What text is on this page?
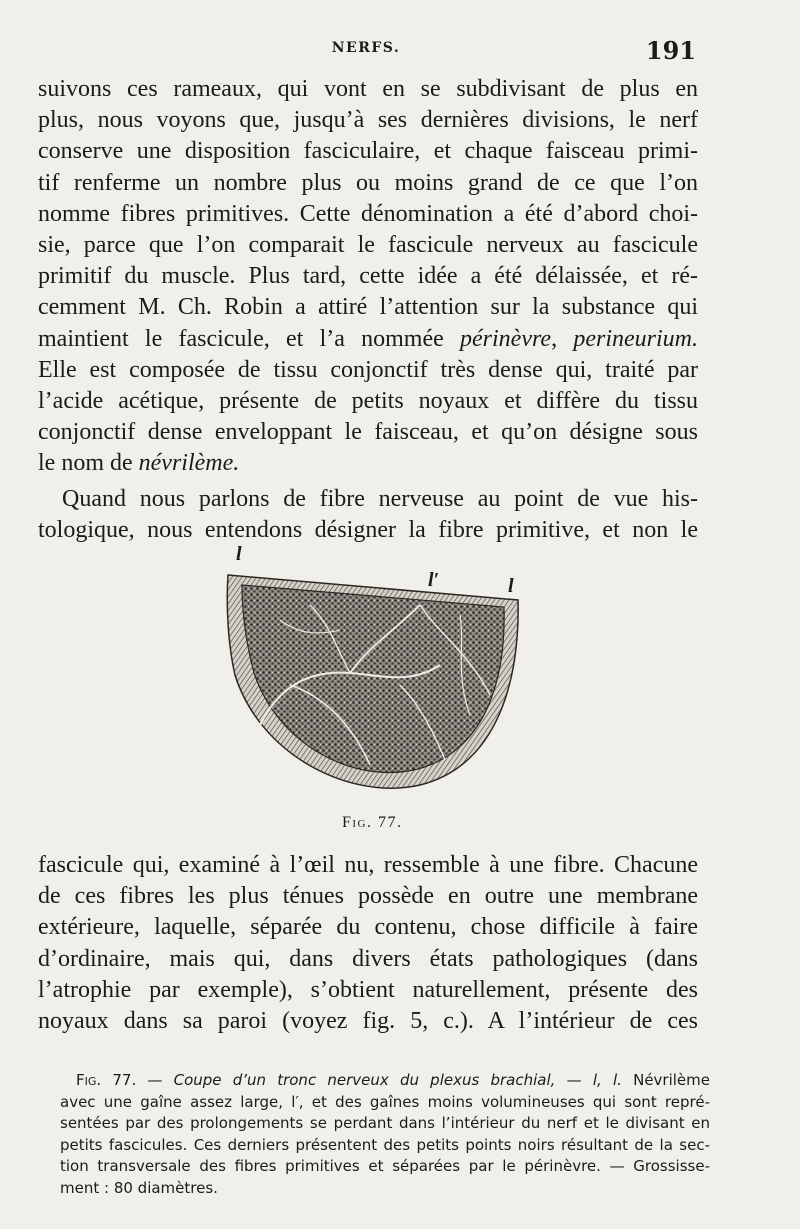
NERFS.	191
suivons ces rameaux, qui vont en se subdivisant de plus en
plus, nous voyons que, jusqu’à ses dernières divisions, le nerf
conserve une disposition fasciculaire, et chaque faisceau primi-
tif renferme un nombre plus ou moins grand de ce que l’on
nomme fibres primitives. Cette dénomination a été d’abord choi-
sie, parce que l’on comparait le fascicule nerveux au fascicule
primitif du muscle. Plus tard, cette idée a été délaissée, et ré-
cemment M. Ch. Robin a attiré l’attention sur la substance qui
maintient le fascicule, et l’a nommée périnèvre, perineurium.
Elle est composée de tissu conjonctif très dense qui, traité par
l’acide acétique, présente de petits noyaux et diffère du tissu
conjonctif dense enveloppant le faisceau, et qu’on désigne sous
le nom de névrilème.
Quand nous parlons de fibre nerveuse au point de vue his-
tologique, nous entendons désigner la fibre primitive, et non le
l
l′	l
Fig. 77.
fascicule qui, examiné à l’œil nu, ressemble à une fibre. Chacune
de ces fibres les plus ténues possède en outre une membrane
extérieure, laquelle, séparée du contenu, chose difficile à faire
d’ordinaire, mais qui, dans divers états pathologiques (dans
l’atrophie par exemple), s’obtient naturellement, présente des
noyaux dans sa paroi (voyez fig. 5, c.). A l’intérieur de ces
Fig. 77. — Coupe d’un tronc nerveux du plexus brachial, — l, l. Névrilème
avec une gaîne assez large, l′, et des gaînes moins volumineuses qui sont repré-
sentées par des prolongements se perdant dans l’intérieur du nerf et le divisant en
petits fascicules. Ces derniers présentent des petits points noirs résultant de la sec-
tion transversale des fibres primitives et séparées par le périnèvre. — Grossisse-
ment : 80 diamètres.
